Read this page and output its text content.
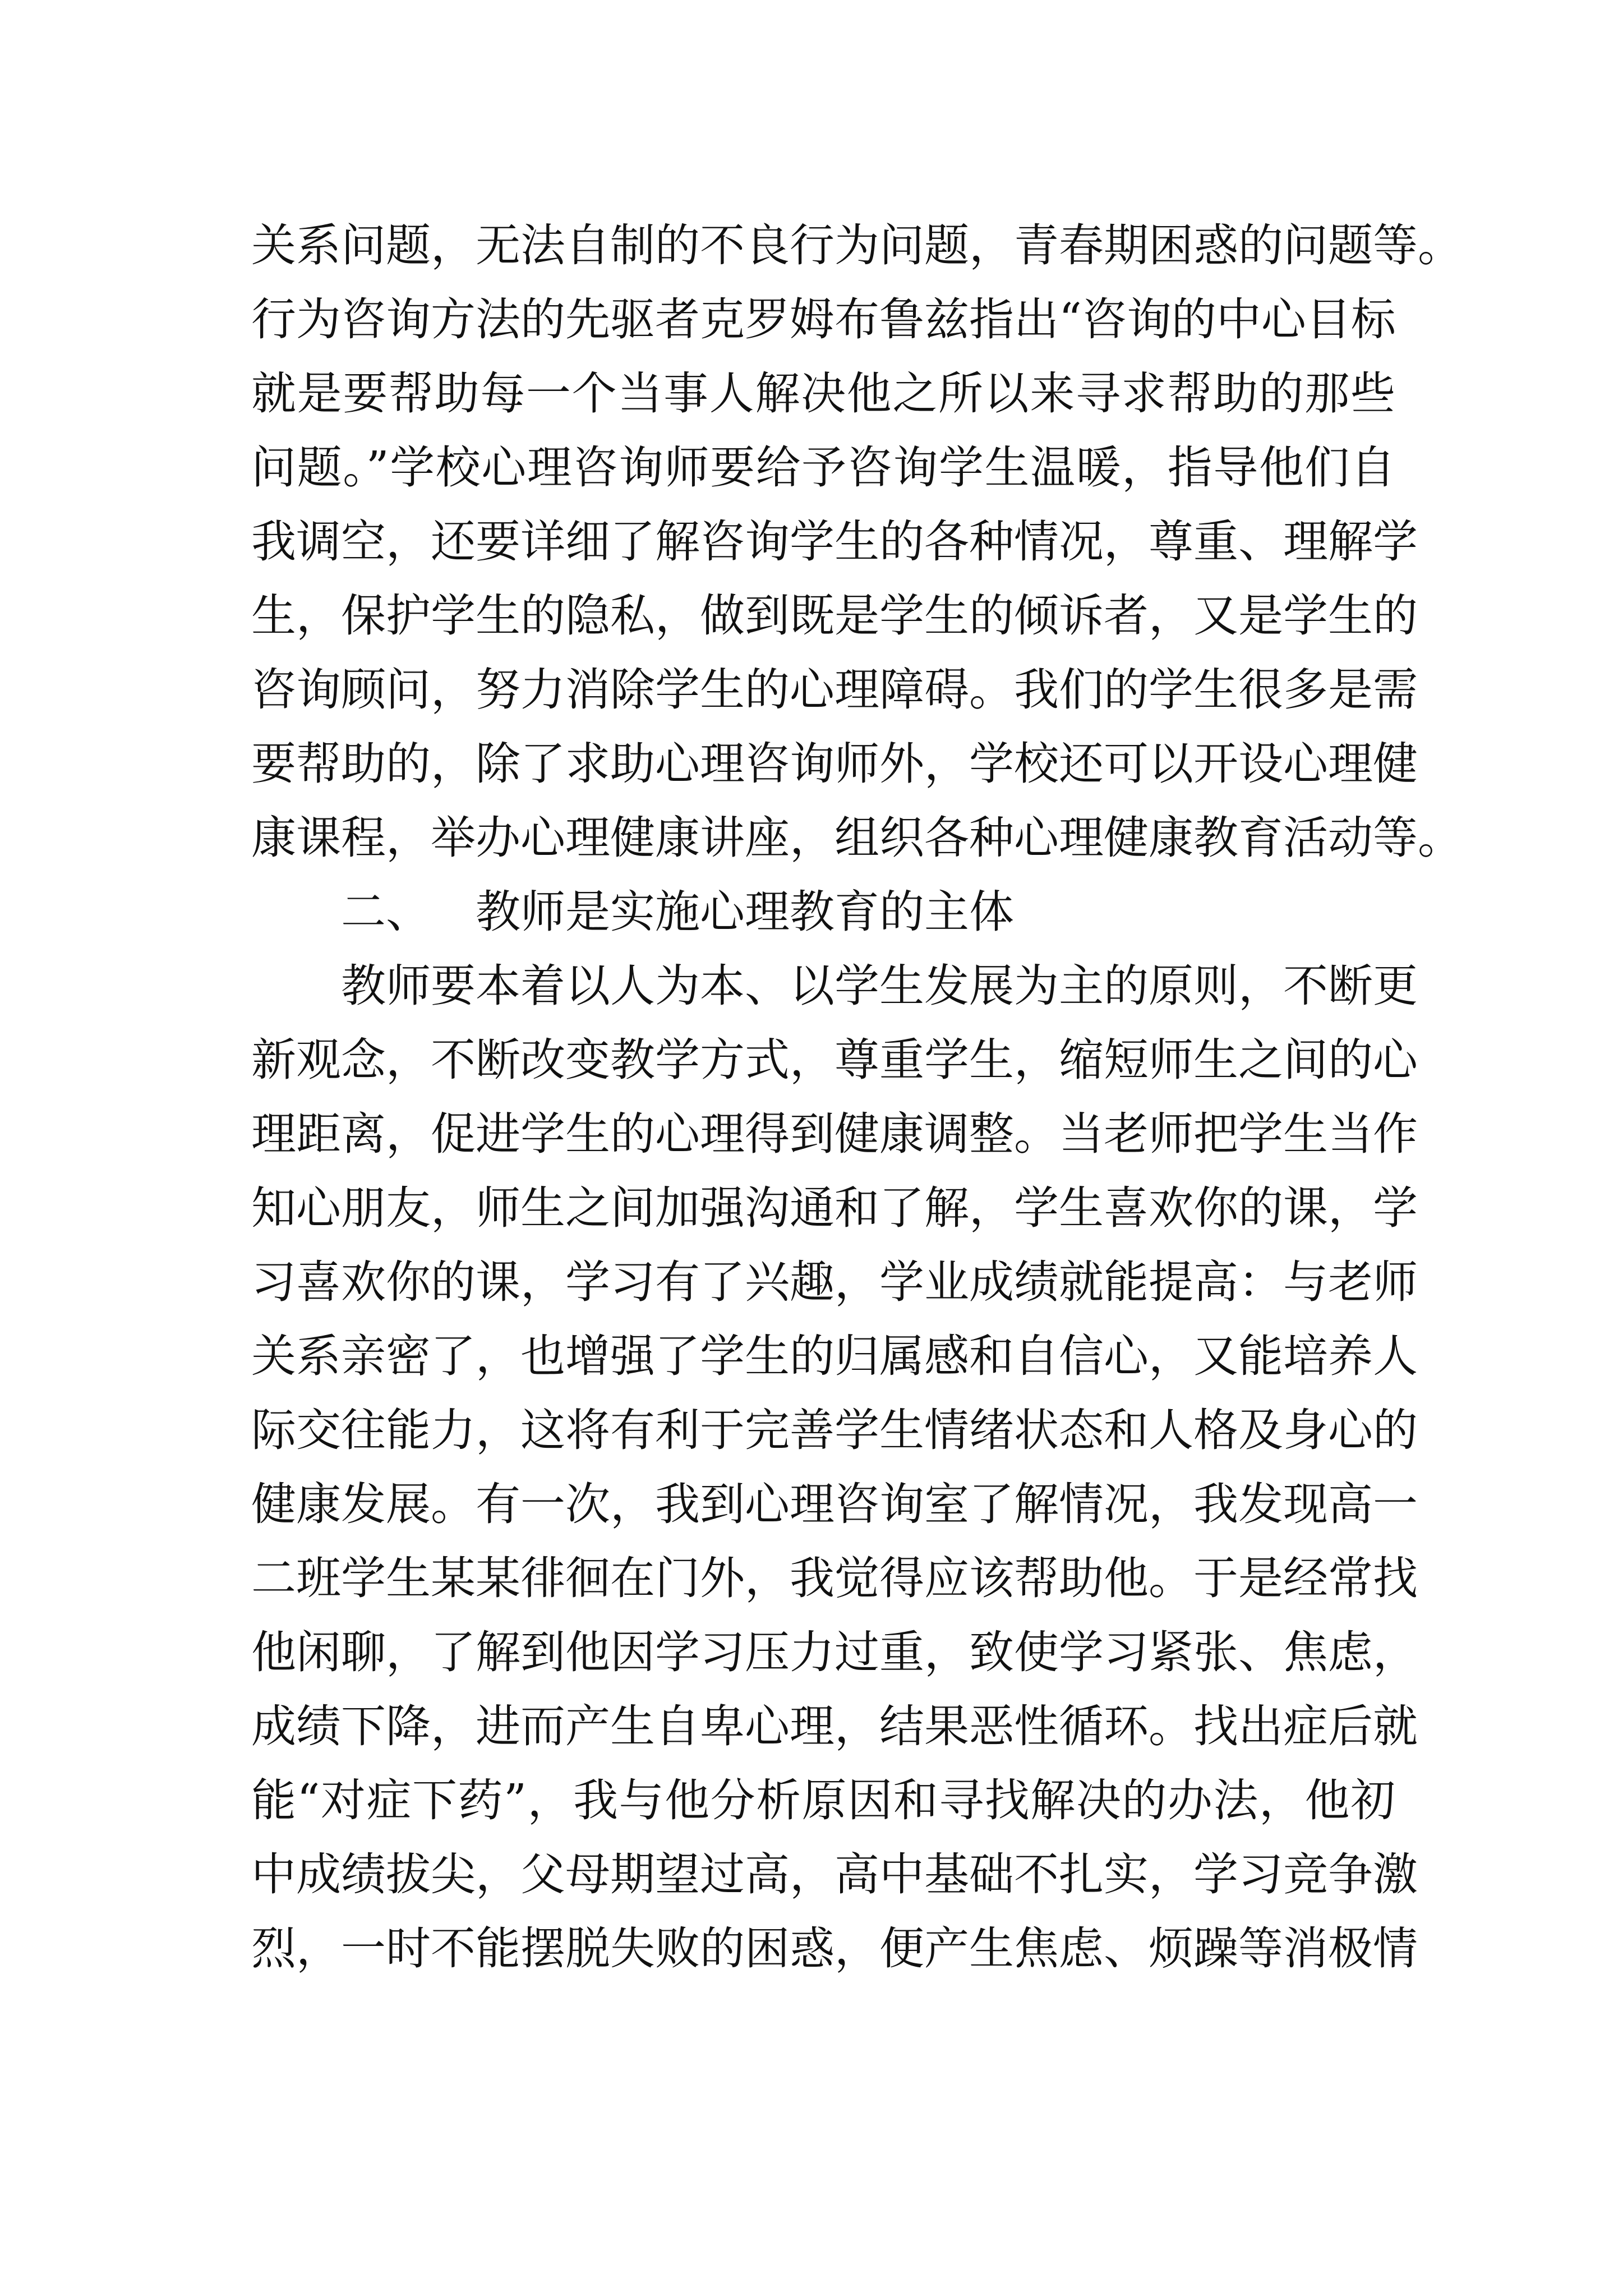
关系问题，无法自制的不良行为问题，青春期困惑的问题等。
行为咨询方法的先驱者克罗姆布鲁兹指出“咨询的中心目标
就是要帮助每一个当事人解决他之所以来寻求帮助的那些
问题。”学校心理咨询师要给予咨询学生温暖，指导他们自
我调空，还要详细了解咨询学生的各种情况，尊重、理解学
生，保护学生的隐私，做到既是学生的倾诉者，又是学生的
咨询顾问，努力消除学生的心理障碍。我们的学生很多是需
要帮助的，除了求助心理咨询师外，学校还可以开设心理健
康课程，举办心理健康讲座，组织各种心理健康教育活动等。
二、 教师是实施心理教育的主体
教师要本着以人为本、以学生发展为主的原则，不断更
新观念，不断改变教学方式，尊重学生，缩短师生之间的心
理距离，促进学生的心理得到健康调整。当老师把学生当作
知心朋友，师生之间加强沟通和了解，学生喜欢你的课，学
习喜欢你的课，学习有了兴趣，学业成绩就能提高：与老师
关系亲密了，也增强了学生的归属感和自信心，又能培养人
际交往能力，这将有利于完善学生情绪状态和人格及身心的
健康发展。有一次，我到心理咨询室了解情况，我发现高一
二班学生某某徘徊在门外，我觉得应该帮助他。于是经常找
他闲聊，了解到他因学习压力过重，致使学习紧张、焦虑，
成绩下降，进而产生自卑心理，结果恶性循环。找出症后就
能“对症下药”，我与他分析原因和寻找解决的办法，他初
中成绩拔尖，父母期望过高，高中基础不扎实，学习竞争激
烈，一时不能摆脱失败的困惑，便产生焦虑、烦躁等消极情
